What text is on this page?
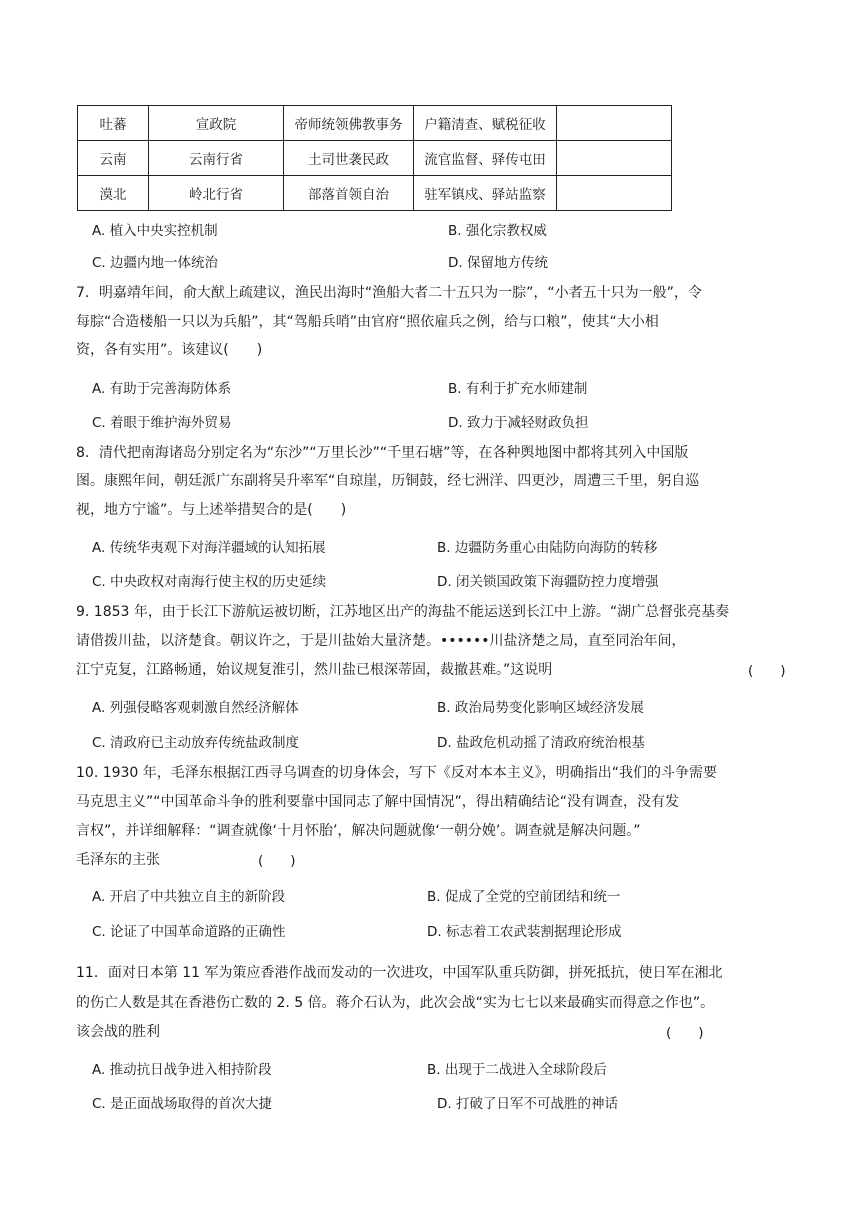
吐蕃	宣政院	帝师统领佛教事务	户籍清查、赋税征收	
云南	云南行省	土司世袭民政	流官监督、驿传屯田	
漠北	岭北行省	部落首领自治	驻军镇戍、驿站监察	
A. 植入中央实控机制	B. 强化宗教权威
C. 边疆内地一体统治	D. 保留地方传统
7．明嘉靖年间，俞大猷上疏建议，渔民出海时“渔船大者二十五只为一腙”，“小者五十只为一般”，令
每腙“合造楼船一只以为兵船”，其“驾船兵哨”由官府“照依雇兵之例，给与口粮”，使其“大小相
资，各有实用”。该建议(　　)
A. 有助于完善海防体系	B. 有利于扩充水师建制
C. 着眼于维护海外贸易	D. 致力于减轻财政负担
8．清代把南海诸岛分别定名为“东沙”“万里长沙”“千里石塘”等，在各种舆地图中都将其列入中国版
图。康熙年间，朝廷派广东副将吴升率军“自琼崖，历铜鼓，经七洲洋、四更沙，周遭三千里，躬自巡
视，地方宁谧”。与上述举措契合的是(　　)
A. 传统华夷观下对海洋疆域的认知拓展	B. 边疆防务重心由陆防向海防的转移
C. 中央政权对南海行使主权的历史延续	D. 闭关锁国政策下海疆防控力度增强
9. 1853 年，由于长江下游航运被切断，江苏地区出产的海盐不能运送到长江中上游。“湖广总督张亮基奏
请借拨川盐，以济楚食。朝议许之，于是川盐始大量济楚。••••••川盐济楚之局，直至同治年间，
江宁克复，江路畅通，始议规复淮引，然川盐已根深蒂固，裁撤甚难。”这说明	(　　)
A. 列强侵略客观刺激自然经济解体	B. 政治局势变化影响区域经济发展
C. 清政府已主动放弃传统盐政制度	D. 盐政危机动摇了清政府统治根基
10. 1930 年，毛泽东根据江西寻乌调查的切身体会，写下《反对本本主义》，明确指出“我们的斗争需要
马克思主义”“中国革命斗争的胜利要靠中国同志了解中国情况”，得出精确结论“没有调查，没有发
言权”，并详细解释：“调查就像‘十月怀胎’，解决问题就像‘一朝分娩’。调查就是解决问题。”
毛泽东的主张	(　　)
A. 开启了中共独立自主的新阶段	B. 促成了全党的空前团结和统一
C. 论证了中国革命道路的正确性	D. 标志着工农武装割据理论形成
11．面对日本第 11 军为策应香港作战而发动的一次进攻，中国军队重兵防御，拼死抵抗，使日军在湘北
的伤亡人数是其在香港伤亡数的 2. 5 倍。蒋介石认为，此次会战“实为七七以来最确实而得意之作也”。
该会战的胜利	(　　)
A. 推动抗日战争进入相持阶段	B. 出现于二战进入全球阶段后
C. 是正面战场取得的首次大捷	D. 打破了日军不可战胜的神话
